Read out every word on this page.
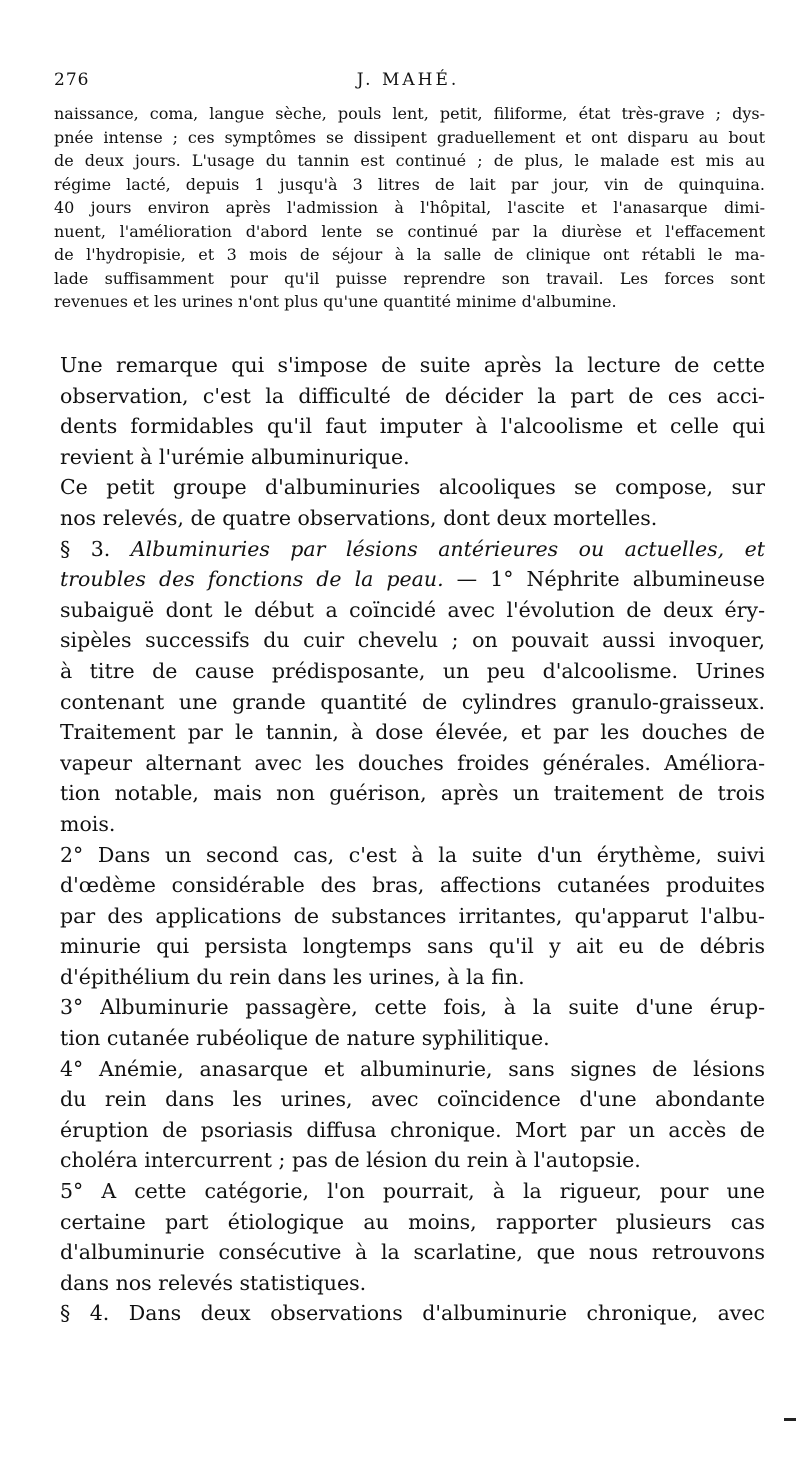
276	J. MAHÉ.
naissance, coma, langue sèche, pouls lent, petit, filiforme, état très-grave ; dys-
pnée intense ; ces symptômes se dissipent graduellement et ont disparu au bout
de deux jours. L'usage du tannin est continué ; de plus, le malade est mis au
régime lacté, depuis 1 jusqu'à 3 litres de lait par jour, vin de quinquina.
40 jours environ après l'admission à l'hôpital, l'ascite et l'anasarque dimi-
nuent, l'amélioration d'abord lente se continué par la diurèse et l'effacement
de l'hydropisie, et 3 mois de séjour à la salle de clinique ont rétabli le ma-
lade suffisamment pour qu'il puisse reprendre son travail. Les forces sont
revenues et les urines n'ont plus qu'une quantité minime d'albumine.
Une remarque qui s'impose de suite après la lecture de cette
observation, c'est la difficulté de décider la part de ces acci-
dents formidables qu'il faut imputer à l'alcoolisme et celle qui
revient à l'urémie albuminurique.
Ce petit groupe d'albuminuries alcooliques se compose, sur
nos relevés, de quatre observations, dont deux mortelles.
§ 3. Albuminuries par lésions antérieures ou actuelles, et
troubles des fonctions de la peau. — 1° Néphrite albumineuse
subaiguë dont le début a coïncidé avec l'évolution de deux éry-
sipèles successifs du cuir chevelu ; on pouvait aussi invoquer,
à titre de cause prédisposante, un peu d'alcoolisme. Urines
contenant une grande quantité de cylindres granulo-graisseux.
Traitement par le tannin, à dose élevée, et par les douches de
vapeur alternant avec les douches froides générales. Améliora-
tion notable, mais non guérison, après un traitement de trois
mois.
2° Dans un second cas, c'est à la suite d'un érythème, suivi
d'œdème considérable des bras, affections cutanées produites
par des applications de substances irritantes, qu'apparut l'albu-
minurie qui persista longtemps sans qu'il y ait eu de débris
d'épithélium du rein dans les urines, à la fin.
3° Albuminurie passagère, cette fois, à la suite d'une érup-
tion cutanée rubéolique de nature syphilitique.
4° Anémie, anasarque et albuminurie, sans signes de lésions
du rein dans les urines, avec coïncidence d'une abondante
éruption de psoriasis diffusa chronique. Mort par un accès de
choléra intercurrent ; pas de lésion du rein à l'autopsie.
5° A cette catégorie, l'on pourrait, à la rigueur, pour une
certaine part étiologique au moins, rapporter plusieurs cas
d'albuminurie consécutive à la scarlatine, que nous retrouvons
dans nos relevés statistiques.
§ 4. Dans deux observations d'albuminurie chronique, avec
